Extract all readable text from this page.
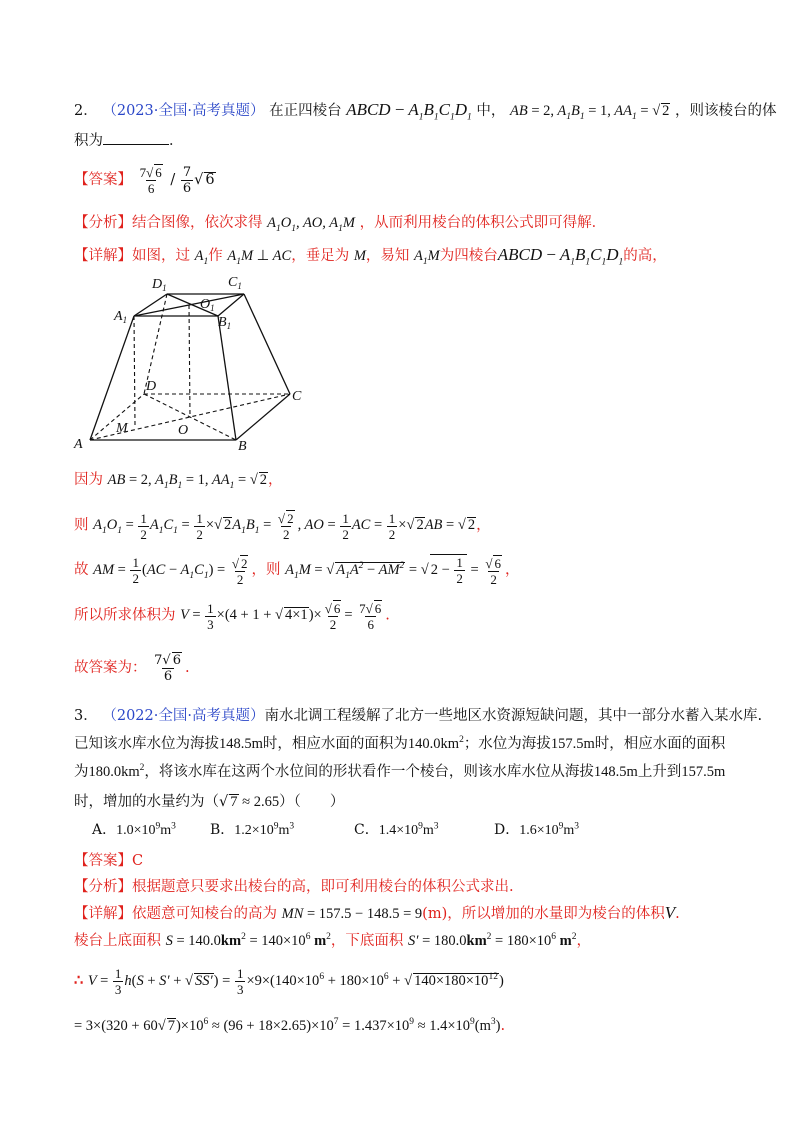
2． （2023·全国·高考真题） 在正四棱台 ABCD − $A_1B_1C_1D_1$ 中， AB = 2, $A_1B_1 = 1$, $AA_1$ = √ 2 ，则该棱台的体
积为	．
【答案】 $\frac{7√ 6}{6} / \frac{7}{6}$ √ 6
【分析】结合图像，依次求得 $A_1O_1$, AO, $A_1M$ ，从而利用棱台的体积公式即可得解．
【详解】如图，过 $A_1$作 $A_1M$ ⊥ AC，垂足为 M，易知 $A_1M$为四棱台ABCD − $A_1B_1C_1D_1$的高，
$D_1$	$C_1$
$O_1$
$A_1$	$B_1$
D
C
M	O
A	B
因为 AB = 2, $A_1B_1 = 1$, $AA_1$ = √ 2，
则 $A_1O_1 = \frac{1}{2} A_1C_1 = \frac{1}{2}$ ×√ $2A_1B_1 = \frac{√ 2}{2}$ , AO = $\frac{1}{2}$ AC = $\frac{1}{2}$ ×√ 2AB = √ 2，
故 AM = $\frac{1}{2} (AC - A_1C_1) = \frac{√ 2}{2}$ ，则 $A_1M$ = √ $A_1A^2 - AM^2$ = √ $2 - \frac{1}{2} = \frac{√ 6}{2}$ ，
所以所求体积为 $V = \frac{1}{3} \times(4 + 1$ + √ $4\times 1)\times \frac{√ 6}{2} = \frac{7√ 6}{6}$ .
故答案为： $\frac{7√ 6}{6}$ .
3． （2022·全国·高考真题）南水北调工程缓解了北方一些地区水资源短缺问题，其中一部分水蓄入某水库.
已知该水库水位为海拔148.5m时，相应水面的面积为$140.0km^2$；水位为海拔157.5m时，相应水面的面积
为$180.0km^2$，将该水库在这两个水位间的形状看作一个棱台，则该水库水位从海拔148.5m上升到157.5m
时，增加的水量约为（√ 7 ≈ 2.65）（　　）
A．$1.0\times 10^9m^3$ B．$1.2\times 10^9m^3$	C．$1.4\times 10^9m^3$	D．$1.6\times 10^9m^3$
【答案】C
【分析】根据题意只要求出棱台的高，即可利用棱台的体积公式求出.
【详解】依题意可知棱台的高为 MN = 157.5 − 148.5 = 9(m)，所以增加的水量即为棱台的体积V.
棱台上底面积 $S = 140.0km^2 = 140\times 10^6$ $m^2$，下底面积 $S' = 180.0km^2 = 180\times 10^6$ $m^2$，
∴ $V = \frac{1}{3} h(S + S'$ + √ $SS') = \frac{1}{3} \times 9\times(140\times 10^6 + 180\times 10^6$ + √ $140\times 180\times 10^{12}$)
= 3×(320 + 60√ $7)\times 10^6 \approx (96 + 18\times 2.65)\times 10^7 = 1.437\times 10^9 \approx 1.4\times 10^9(m^3)$.
